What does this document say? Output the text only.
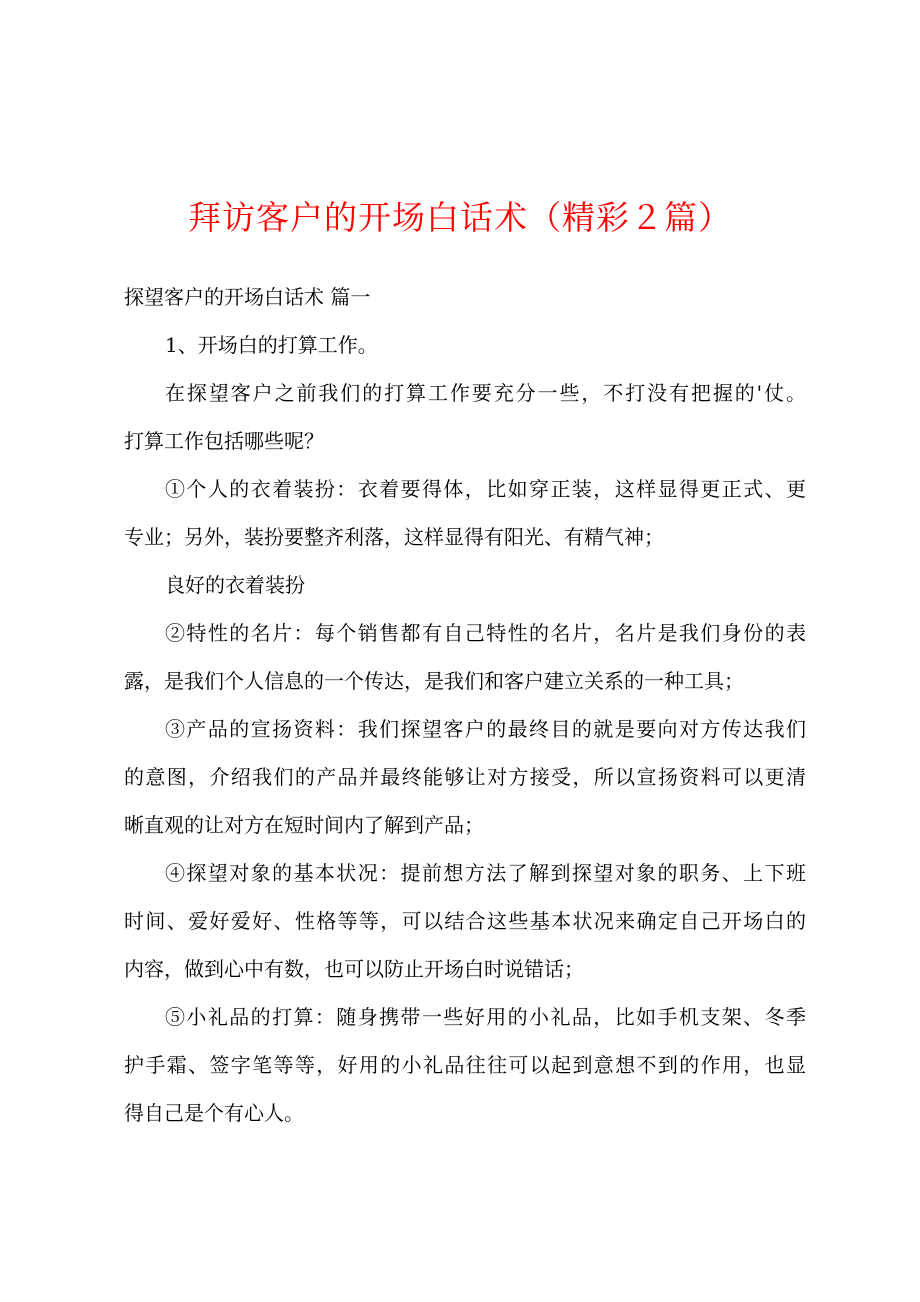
拜访客户的开场白话术（精彩２篇）
探望客户的开场白话术 篇一
1、开场白的打算工作。
在探望客户之前我们的打算工作要充分一些，不打没有把握的'仗。
打算工作包括哪些呢？
①个人的衣着装扮：衣着要得体，比如穿正装，这样显得更正式、更
专业；另外，装扮要整齐利落，这样显得有阳光、有精气神；
良好的衣着装扮
②特性的名片：每个销售都有自己特性的名片，名片是我们身份的表
露，是我们个人信息的一个传达，是我们和客户建立关系的一种工具；
③产品的宣扬资料：我们探望客户的最终目的就是要向对方传达我们
的意图，介绍我们的产品并最终能够让对方接受，所以宣扬资料可以更清
晰直观的让对方在短时间内了解到产品；
④探望对象的基本状况：提前想方法了解到探望对象的职务、上下班
时间、爱好爱好、性格等等，可以结合这些基本状况来确定自己开场白的
内容，做到心中有数，也可以防止开场白时说错话；
⑤小礼品的打算：随身携带一些好用的小礼品，比如手机支架、冬季
护手霜、签字笔等等，好用的小礼品往往可以起到意想不到的作用，也显
得自己是个有心人。
